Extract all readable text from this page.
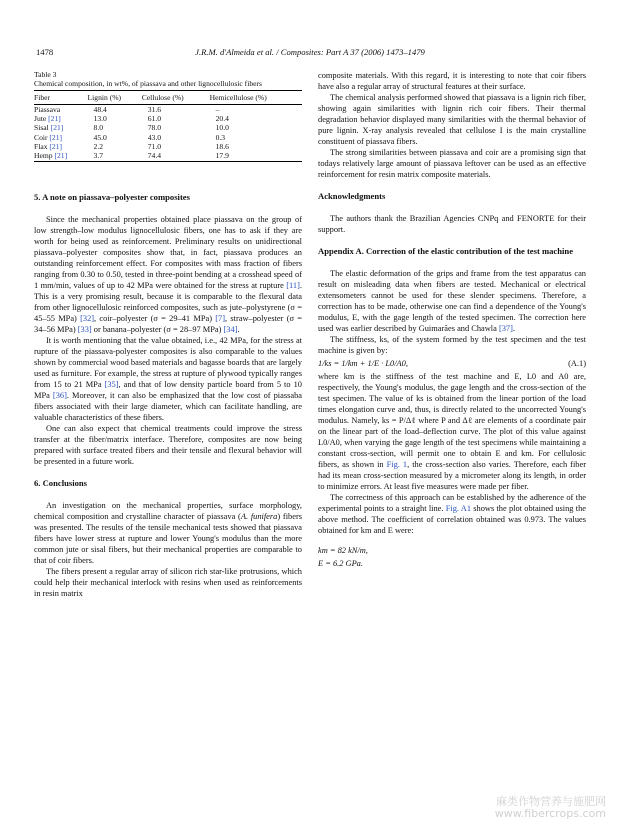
1478	J.R.M. d'Almeida et al. / Composites: Part A 37 (2006) 1473–1479
Table 3
Chemical composition, in wt%, of piassava and other lignocellulosic fibers
Fiber	Lignin (%)	Cellulose (%)	Hemicellulose (%)
Piassava	48.4	31.6	–
Jute [21]	13.0	61.0	20.4
Sisal [21]	8.0	78.0	10.0
Coir [21]	45.0	43.0	0.3
Flax [21]	2.2	71.0	18.6
Hemp [21]	3.7	74.4	17.9
5. A note on piassava–polyester composites

Since the mechanical properties obtained place piassava on the group of low strength–low modulus lignocellulosic fibers, one has to ask if they are worth for being used as reinforcement. Preliminary results on unidirectional piassava–polyester composites show that, in fact, piassava produces an outstanding reinforcement effect. For composites with mass fraction of fibers ranging from 0.30 to 0.50, tested in three-point bending at a crosshead speed of 1 mm/min, values of up to 42 MPa were obtained for the stress at rupture [11]. This is a very promising result, because it is comparable to the flexural data from other lignocellulosic reinforced composites, such as jute–polystyrene (σ = 45–55 MPa) [32], coir–polyester (σ = 29–41 MPa) [7], straw–polyester (σ = 34–56 MPa) [33] or banana–polyester (σ = 28–97 MPa) [34].

It is worth mentioning that the value obtained, i.e., 42 MPa, for the stress at rupture of the piassava-polyester composites is also comparable to the values shown by commercial wood based materials and bagasse boards that are largely used as furniture. For example, the stress at rupture of plywood typically ranges from 15 to 21 MPa [35], and that of low density particle board from 5 to 10 MPa [36]. Moreover, it can also be emphasized that the low cost of piassaba fibers associated with their large diameter, which can facilitate handling, are valuable characteristics of these fibers.

One can also expect that chemical treatments could improve the stress transfer at the fiber/matrix interface. Therefore, composites are now being prepared with surface treated fibers and their tensile and flexural behavior will be presented in a future work.

6. Conclusions

An investigation on the mechanical properties, surface morphology, chemical composition and crystalline character of piassava (A. funifera) fibers was presented. The results of the tensile mechanical tests showed that piassava fibers have lower stress at rupture and lower Young's modulus than the more common jute or sisal fibers, but their mechanical properties are comparable to that of coir fibers.

The fibers present a regular array of silicon rich star-like protrusions, which could help their mechanical interlock with resins when used as reinforcements in resin matrix

composite materials. With this regard, it is interesting to note that coir fibers have also a regular array of structural features at their surface.

The chemical analysis performed showed that piassava is a lignin rich fiber, showing again similarities with lignin rich coir fibers. Their thermal degradation behavior displayed many similarities with the thermal behavior of pure lignin. X-ray analysis revealed that cellulose I is the main crystalline constituent of piassava fibers.

The strong similarities between piassava and coir are a promising sign that todays relatively large amount of piassava leftover can be used as an effective reinforcement for resin matrix composite materials.

Acknowledgments

The authors thank the Brazilian Agencies CNPq and FENORTE for their support.

Appendix A. Correction of the elastic contribution of the test machine

The elastic deformation of the grips and frame from the test apparatus can result on misleading data when fibers are tested. Mechanical or electrical extensometers cannot be used for these slender specimens. Therefore, a correction has to be made, otherwise one can find a dependence of the Young's modulus, E, with the gage length of the tested specimen. The correction here used was earlier described by Guimarães and Chawla [37].

The stiffness, ks, of the system formed by the test specimen and the test machine is given by:

1/ks = 1/km + 1/E · L0/A0,	(A.1)

where km is the stiffness of the test machine and E, L0 and A0 are, respectively, the Young's modulus, the gage length and the cross-section of the test specimen. The value of ks is obtained from the linear portion of the load times elongation curve and, thus, is directly related to the uncorrected Young's modulus. Namely, ks = P/Δℓ where P and Δℓ are elements of a coordinate pair on the linear part of the load–deflection curve. The plot of this value against L0/A0, when varying the gage length of the test specimens while maintaining a constant cross-section, will permit one to obtain E and km. For cellulosic fibers, as shown in Fig. 1, the cross-section also varies. Therefore, each fiber had its mean cross-section measured by a micrometer along its length, in order to minimize errors. At least five measures were made per fiber.

The correctness of this approach can be established by the adherence of the experimental points to a straight line. Fig. A1 shows the plot obtained using the above method. The coefficient of correlation obtained was 0.973. The values obtained for km and E were:

km = 82 kN/m,
E = 6.2 GPa.
麻类作物营养与施肥网
www.fibercrops.com
